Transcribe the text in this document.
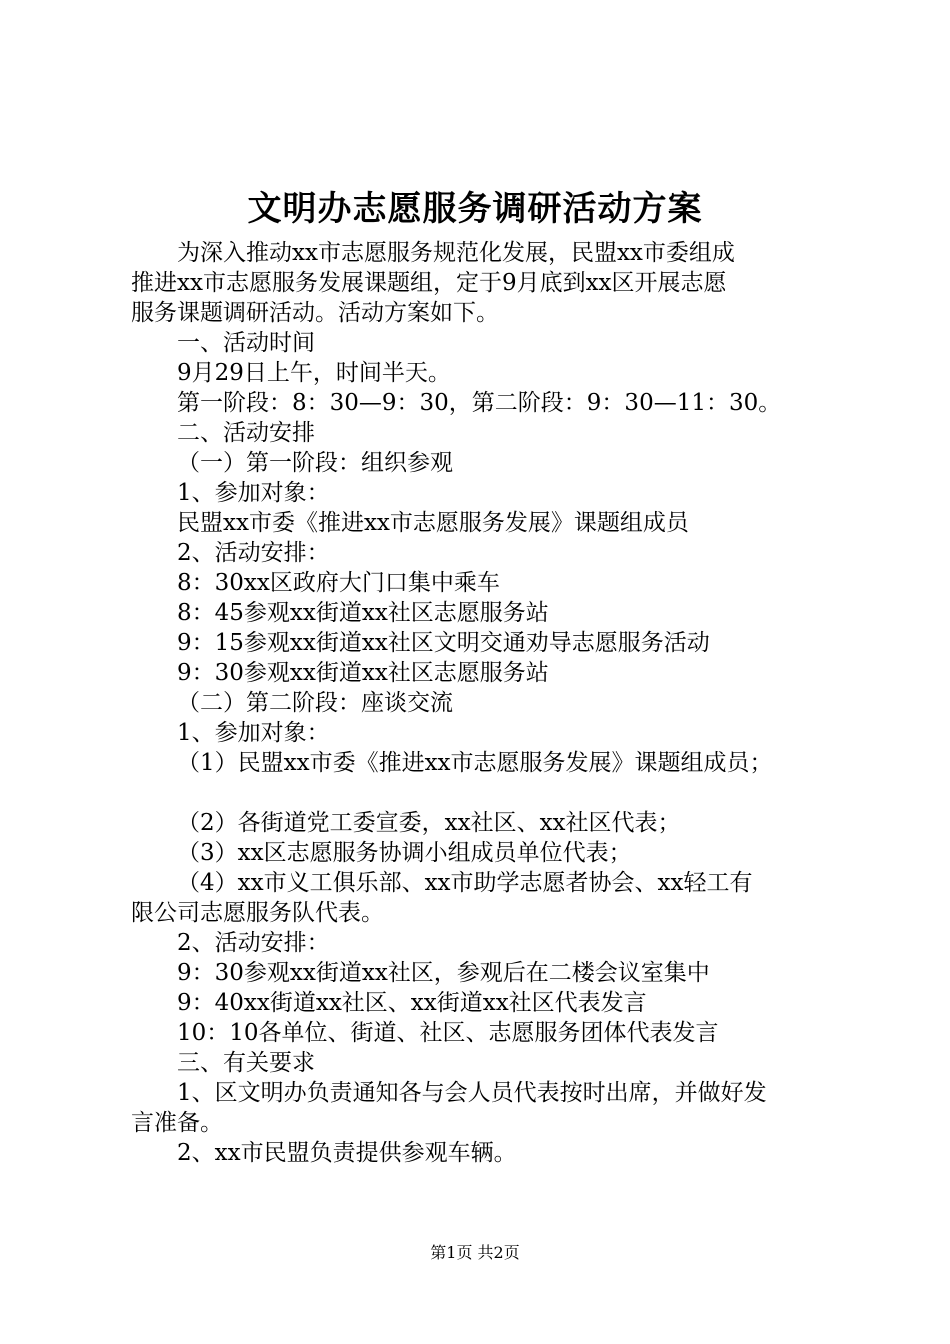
文明办志愿服务调研活动方案
为深入推动xx市志愿服务规范化发展，民盟xx市委组成
推进xx市志愿服务发展课题组，定于9月底到xx区开展志愿
服务课题调研活动。活动方案如下。
一、活动时间
9月29日上午，时间半天。
第一阶段：8：30—9：30，第二阶段：9：30—11：30。
二、活动安排
（一）第一阶段：组织参观
1、参加对象：
民盟xx市委《推进xx市志愿服务发展》课题组成员
2、活动安排：
8：30xx区政府大门口集中乘车
8：45参观xx街道xx社区志愿服务站
9：15参观xx街道xx社区文明交通劝导志愿服务活动
9：30参观xx街道xx社区志愿服务站
（二）第二阶段：座谈交流
1、参加对象：
（1）民盟xx市委《推进xx市志愿服务发展》课题组成员；
（2）各街道党工委宣委，xx社区、xx社区代表；
（3）xx区志愿服务协调小组成员单位代表；
（4）xx市义工俱乐部、xx市助学志愿者协会、xx轻工有
限公司志愿服务队代表。
2、活动安排：
9：30参观xx街道xx社区，参观后在二楼会议室集中
9：40xx街道xx社区、xx街道xx社区代表发言
10：10各单位、街道、社区、志愿服务团体代表发言
三、有关要求
1、区文明办负责通知各与会人员代表按时出席，并做好发
言准备。
2、xx市民盟负责提供参观车辆。
第1页 共2页
